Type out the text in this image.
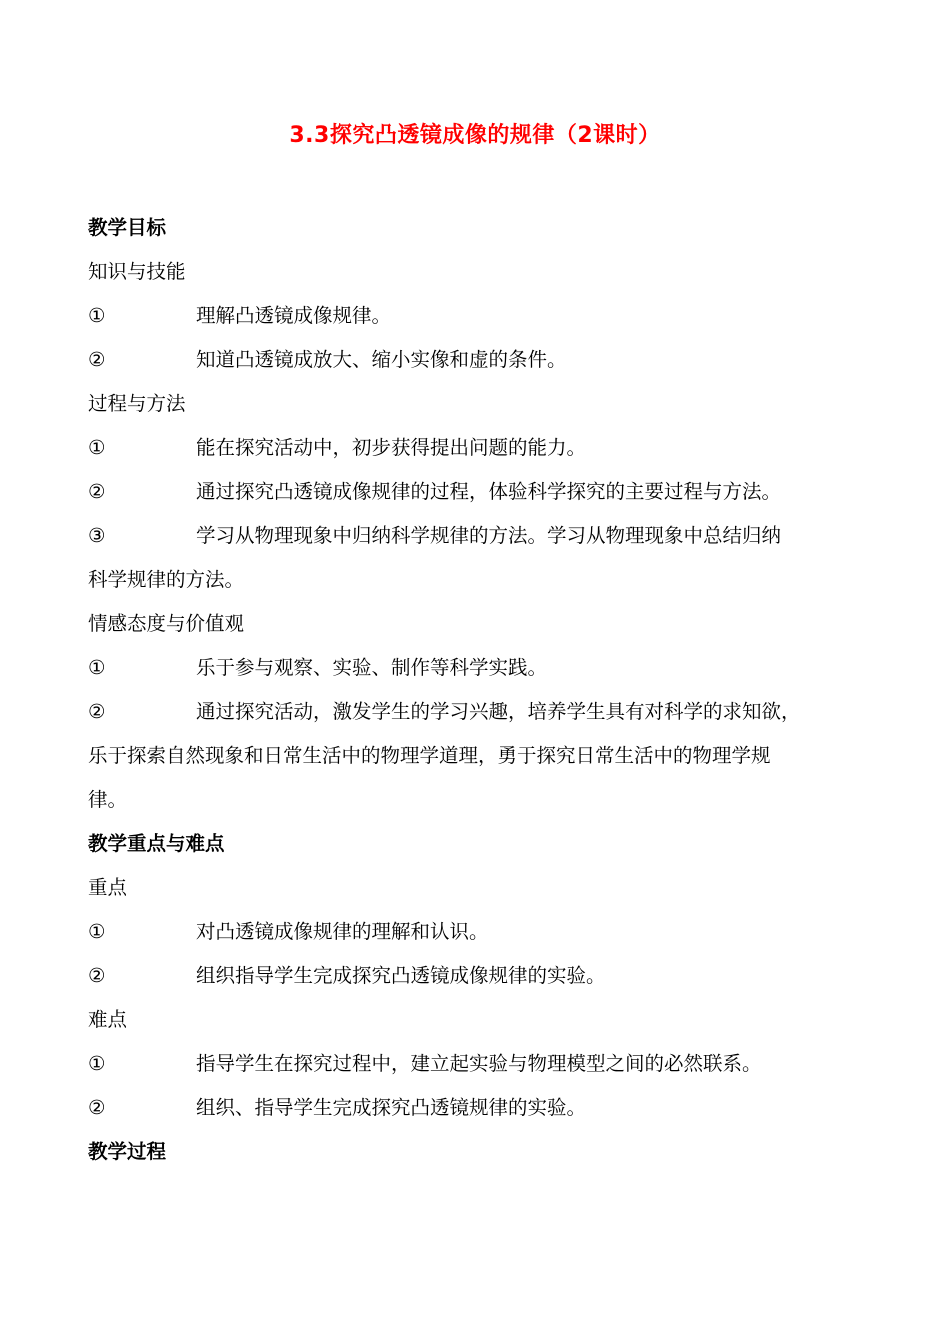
3.3探究凸透镜成像的规律（2课时）
教学目标
知识与技能
①	理解凸透镜成像规律。
②	知道凸透镜成放大、缩小实像和虚的条件。
过程与方法
①	能在探究活动中，初步获得提出问题的能力。
②	通过探究凸透镜成像规律的过程，体验科学探究的主要过程与方法。
③	学习从物理现象中归纳科学规律的方法。学习从物理现象中总结归纳
科学规律的方法。
情感态度与价值观
①	乐于参与观察、实验、制作等科学实践。
②	通过探究活动，激发学生的学习兴趣，培养学生具有对科学的求知欲，
乐于探索自然现象和日常生活中的物理学道理，勇于探究日常生活中的物理学规
律。
教学重点与难点
重点
①	对凸透镜成像规律的理解和认识。
②	组织指导学生完成探究凸透镜成像规律的实验。
难点
①	指导学生在探究过程中，建立起实验与物理模型之间的必然联系。
②	组织、指导学生完成探究凸透镜规律的实验。
教学过程
